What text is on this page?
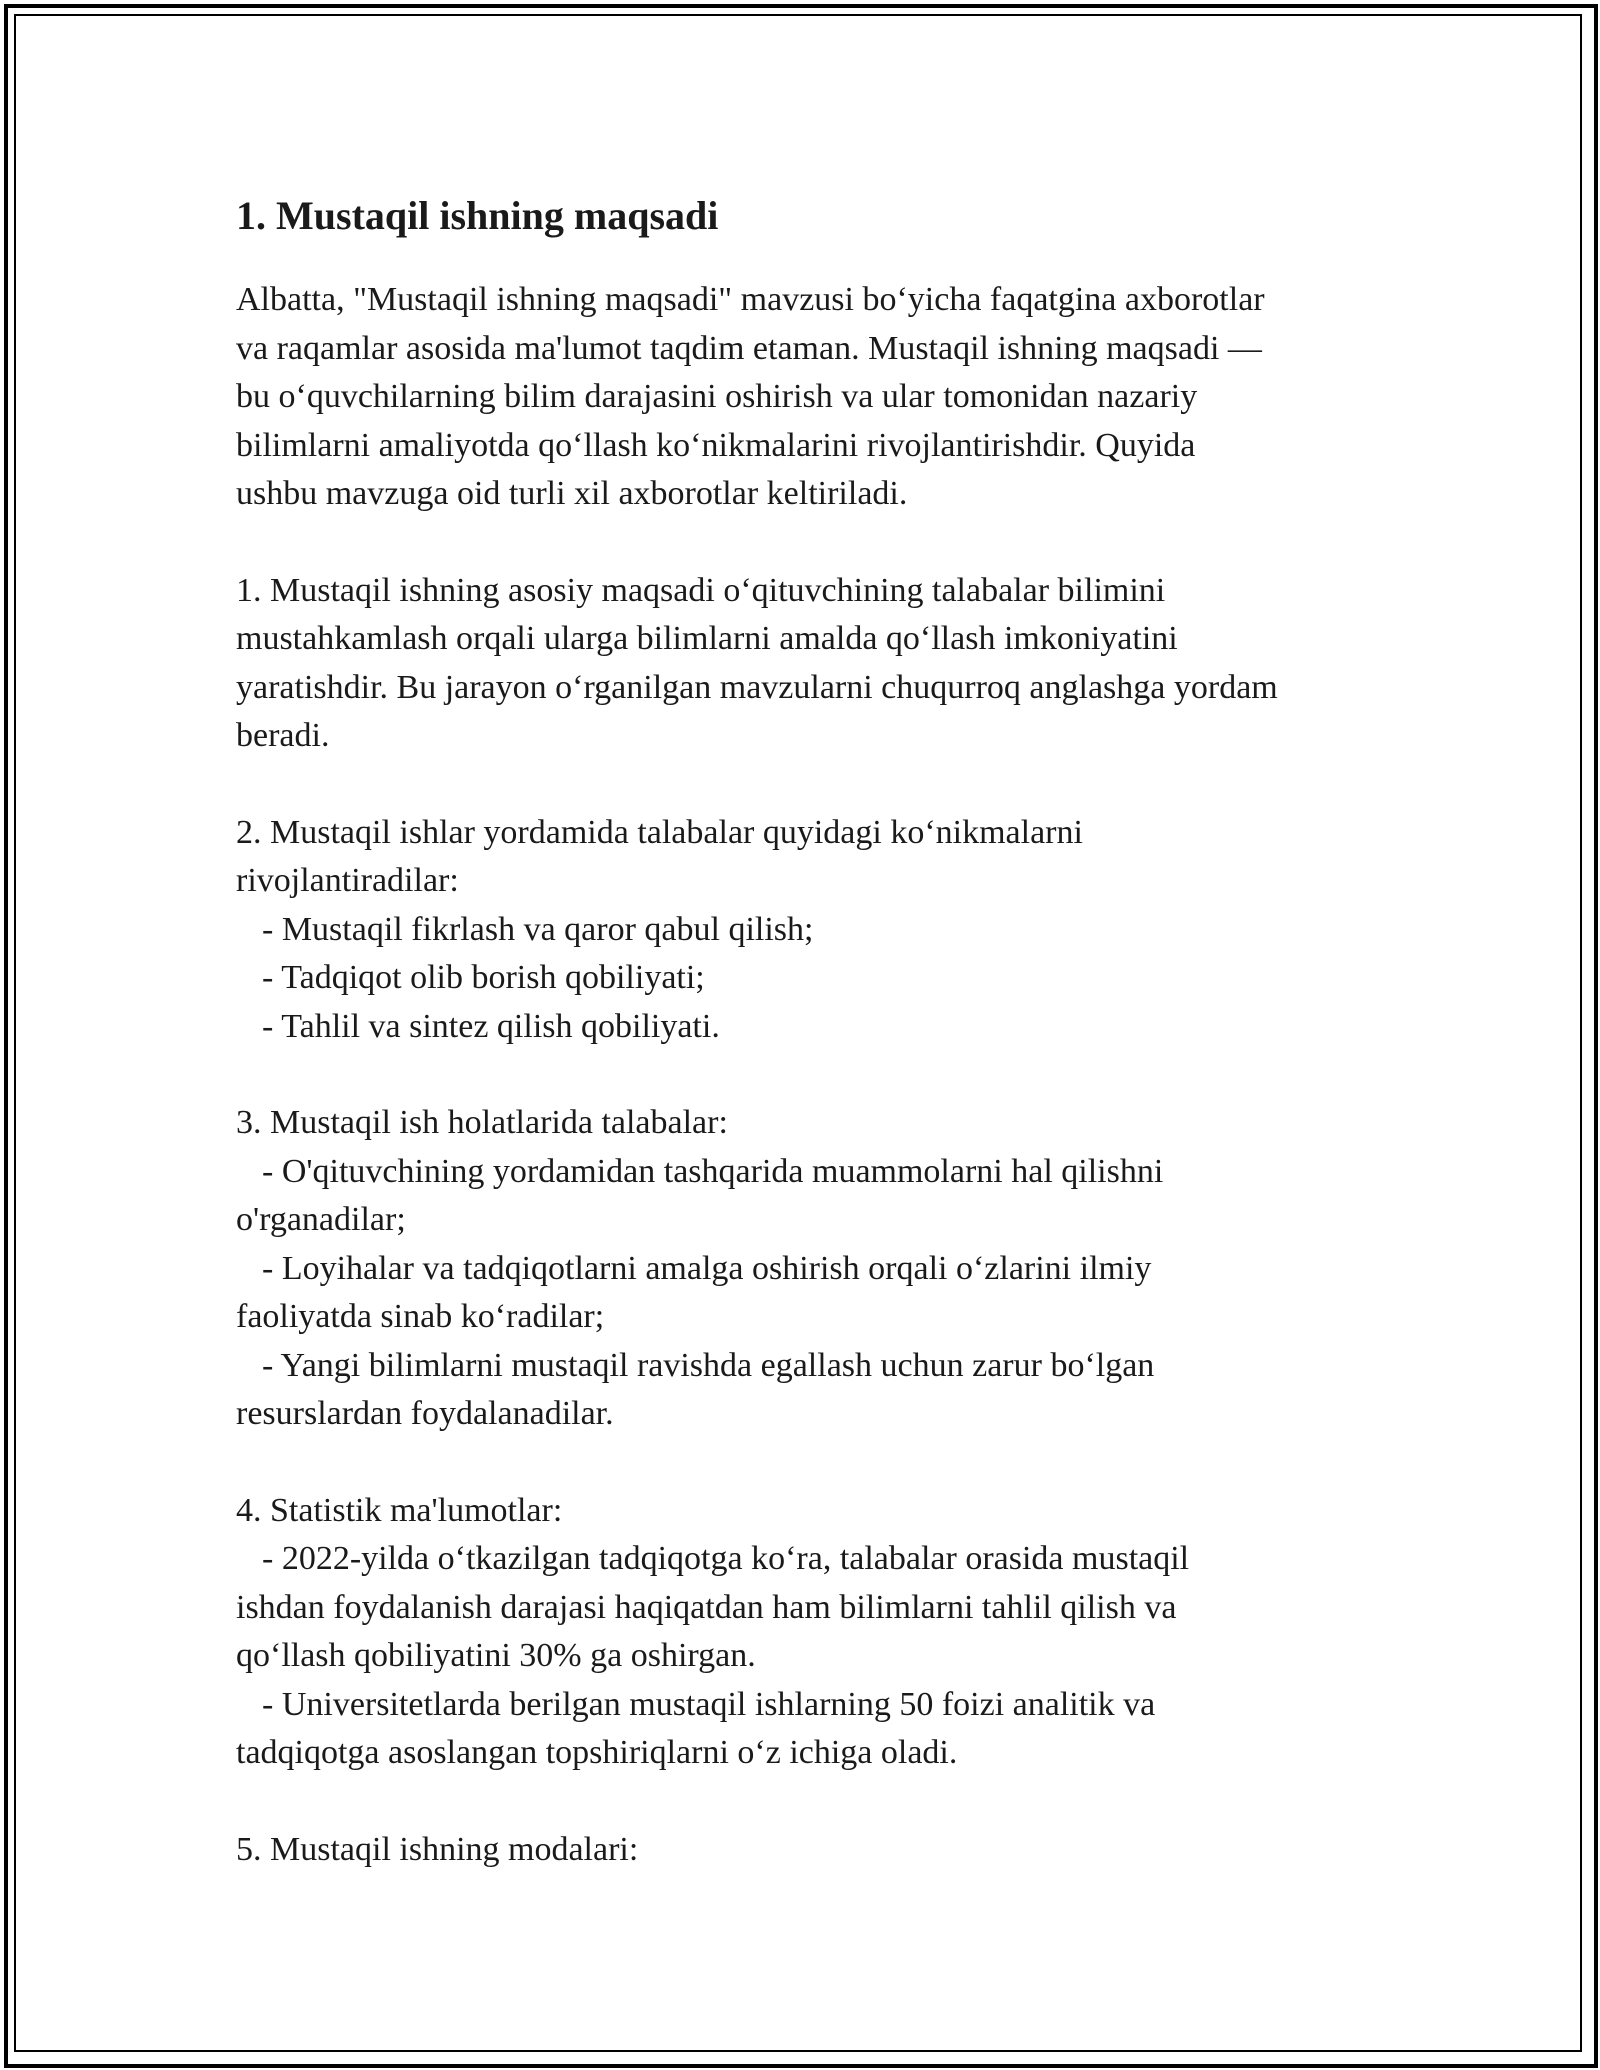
1. Mustaqil ishning maqsadi

Albatta, "Mustaqil ishning maqsadi" mavzusi bo‘yicha faqatgina axborotlar
va raqamlar asosida ma'lumot taqdim etaman. Mustaqil ishning maqsadi —
bu o‘quvchilarning bilim darajasini oshirish va ular tomonidan nazariy
bilimlarni amaliyotda qo‘llash ko‘nikmalarini rivojlantirishdir. Quyida
ushbu mavzuga oid turli xil axborotlar keltiriladi.

1. Mustaqil ishning asosiy maqsadi o‘qituvchining talabalar bilimini
mustahkamlash orqali ularga bilimlarni amalda qo‘llash imkoniyatini
yaratishdir. Bu jarayon o‘rganilgan mavzularni chuqurroq anglashga yordam
beradi.

2. Mustaqil ishlar yordamida talabalar quyidagi ko‘nikmalarni
rivojlantiradilar:
- Mustaqil fikrlash va qaror qabul qilish;
- Tadqiqot olib borish qobiliyati;
- Tahlil va sintez qilish qobiliyati.

3. Mustaqil ish holatlarida talabalar:
- O'qituvchining yordamidan tashqarida muammolarni hal qilishni
o'rganadilar;
- Loyihalar va tadqiqotlarni amalga oshirish orqali o‘zlarini ilmiy
faoliyatda sinab ko‘radilar;
- Yangi bilimlarni mustaqil ravishda egallash uchun zarur bo‘lgan
resurslardan foydalanadilar.

4. Statistik ma'lumotlar:
- 2022-yilda o‘tkazilgan tadqiqotga ko‘ra, talabalar orasida mustaqil
ishdan foydalanish darajasi haqiqatdan ham bilimlarni tahlil qilish va
qo‘llash qobiliyatini 30% ga oshirgan.
- Universitetlarda berilgan mustaqil ishlarning 50 foizi analitik va
tadqiqotga asoslangan topshiriqlarni o‘z ichiga oladi.

5. Mustaqil ishning modalari:
